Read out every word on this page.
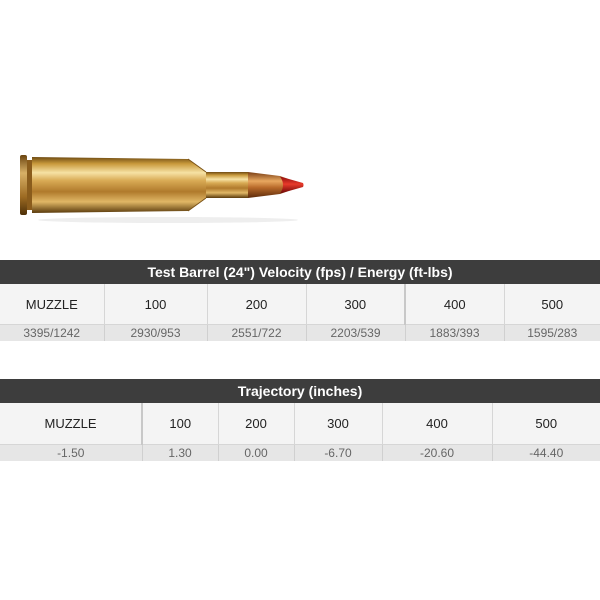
Test Barrel (24") Velocity (fps) / Energy (ft-lbs)
MUZZLE	100	200	300	400	500
3395/1242	2930/953	2551/722	2203/539	1883/393	1595/283
Trajectory (inches)
MUZZLE	100	200	300	400	500
-1.50	1.30	0.00	-6.70	-20.60	-44.40
